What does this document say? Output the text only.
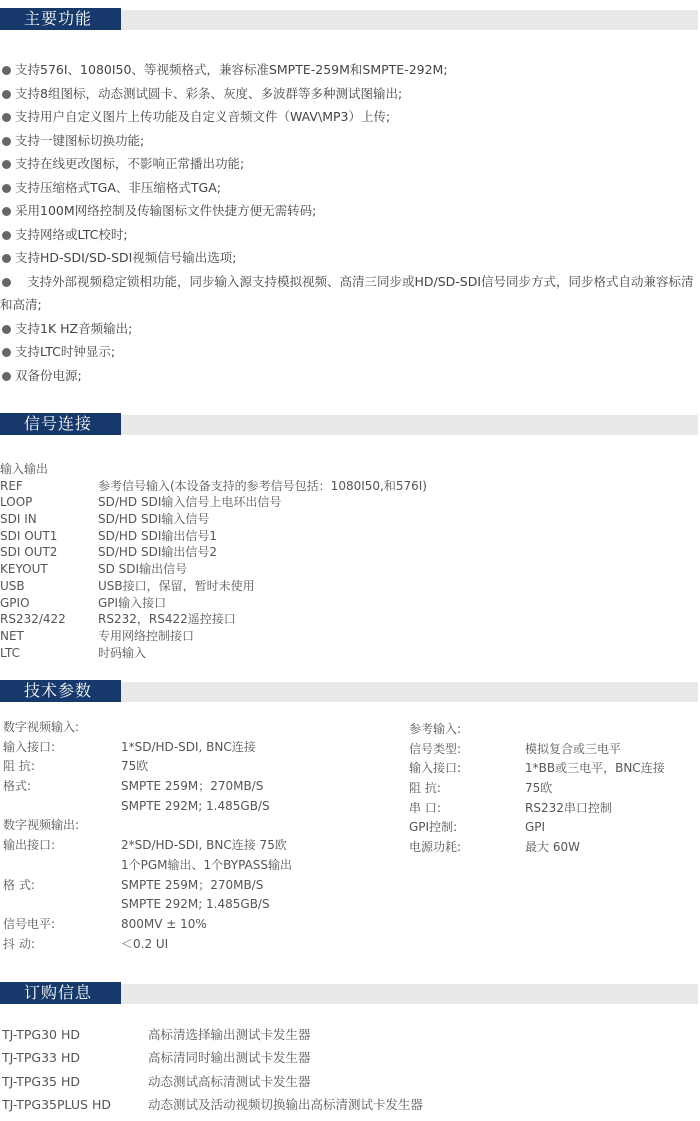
主要功能
支持576I、1080I50、等视频格式，兼容标准SMPTE-259M和SMPTE-292M;
支持8组图标，动态测试圆卡、彩条、灰度、多波群等多种测试图输出;
支持用户自定义图片上传功能及自定义音频文件（WAV\MP3）上传;
支持一键图标切换功能;
支持在线更改图标，不影响正常播出功能;
支持压缩格式TGA、非压缩格式TGA;
采用100M网络控制及传输图标文件快捷方便无需转码;
支持网络或LTC校时;
支持HD-SDI/SD-SDI视频信号输出选项;
支持外部视频稳定锁相功能，同步输入源支持模拟视频、高清三同步或HD/SD-SDI信号同步方式，同步格式自动兼容标清和高清;
支持1K HZ音频输出;
支持LTC时钟显示;
双备份电源;
信号连接
输入输出
REF	参考信号输入(本设备支持的参考信号包括：1080I50,和576I)
LOOP	SD/HD SDI输入信号上电环出信号
SDI IN	SD/HD SDI输入信号
SDI OUT1	SD/HD SDI输出信号1
SDI OUT2	SD/HD SDI输出信号2
KEYOUT	SD SDI输出信号
USB	USB接口，保留，暂时未使用
GPIO	GPI输入接口
RS232/422	RS232，RS422遥控接口
NET	专用网络控制接口
LTC	时码输入
技术参数
数字视频输入:
输入接口:	1*SD/HD-SDI, BNC连接
阻 抗:	75欧
格式:	SMPTE 259M；270MB/S
SMPTE 292M; 1.485GB/S
数字视频输出:
输出接口:	2*SD/HD-SDI, BNC连接 75欧
1个PGM输出、1个BYPASS输出
格 式:	SMPTE 259M；270MB/S
SMPTE 292M; 1.485GB/S
信号电平:	800MV ± 10%
抖 动:	＜0.2 UI
参考输入:
信号类型:	模拟复合或三电平
输入接口:	1*BB或三电平，BNC连接
阻 抗:	75欧
串 口:	RS232串口控制
GPI控制:	GPI
电源功耗:	最大 60W
订购信息
TJ-TPG30 HD	高标清选择输出测试卡发生器
TJ-TPG33 HD	高标清同时输出测试卡发生器
TJ-TPG35 HD	动态测试高标清测试卡发生器
TJ-TPG35PLUS HD	动态测试及活动视频切换输出高标清测试卡发生器
